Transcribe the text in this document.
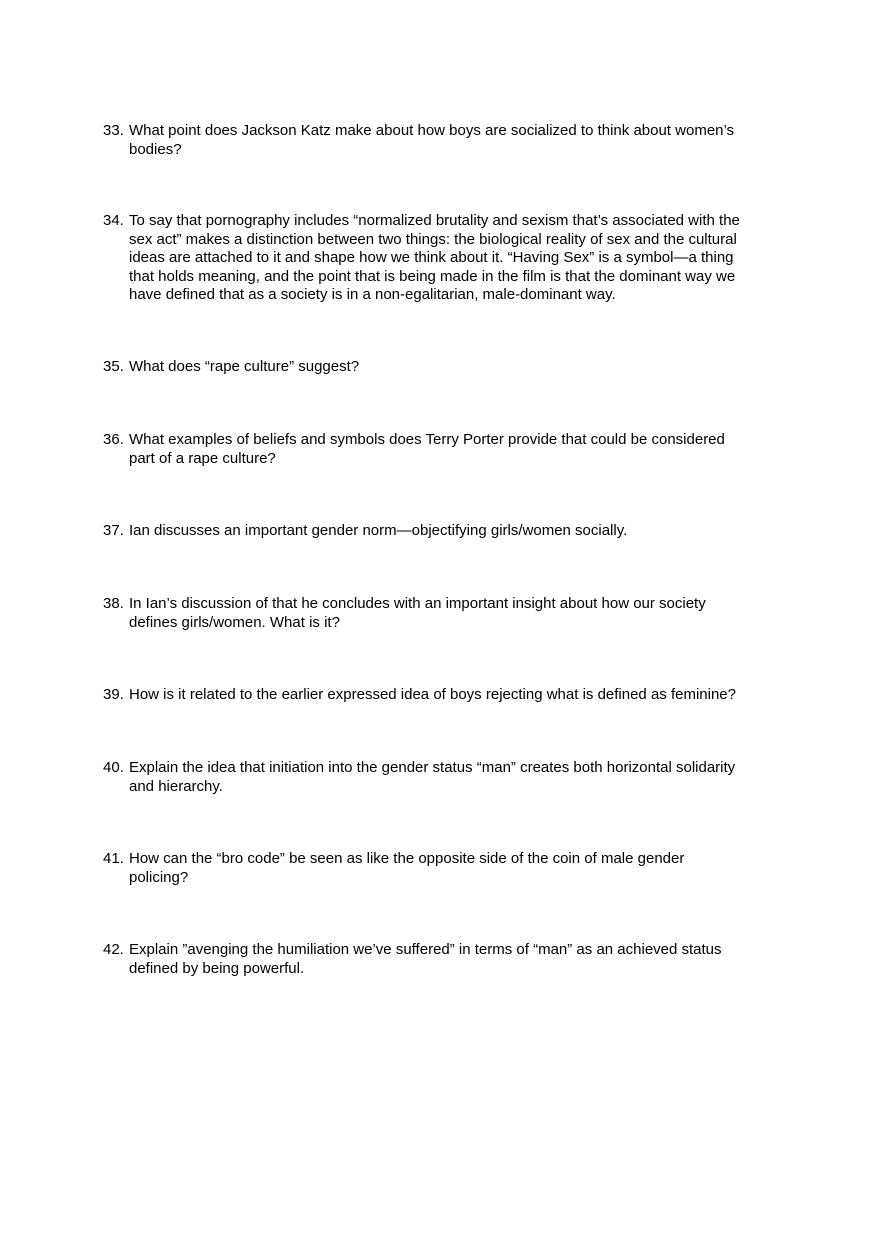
33. What point does Jackson Katz make about how boys are socialized to think about women’s
bodies?
34. To say that pornography includes “normalized brutality and sexism that’s associated with the
sex act” makes a distinction between two things: the biological reality of sex and the cultural
ideas are attached to it and shape how we think about it. “Having Sex” is a symbol—a thing
that holds meaning, and the point that is being made in the film is that the dominant way we
have defined that as a society is in a non-egalitarian, male-dominant way.
35. What does “rape culture” suggest?
36. What examples of beliefs and symbols does Terry Porter provide that could be considered
part of a rape culture?
37. Ian discusses an important gender norm—objectifying girls/women socially.
38. In Ian’s discussion of that he concludes with an important insight about how our society
defines girls/women. What is it?
39. How is it related to the earlier expressed idea of boys rejecting what is defined as feminine?
40. Explain the idea that initiation into the gender status “man” creates both horizontal solidarity
and hierarchy.
41. How can the “bro code” be seen as like the opposite side of the coin of male gender
policing?
42. Explain ”avenging the humiliation we’ve suffered” in terms of “man” as an achieved status
defined by being powerful.
